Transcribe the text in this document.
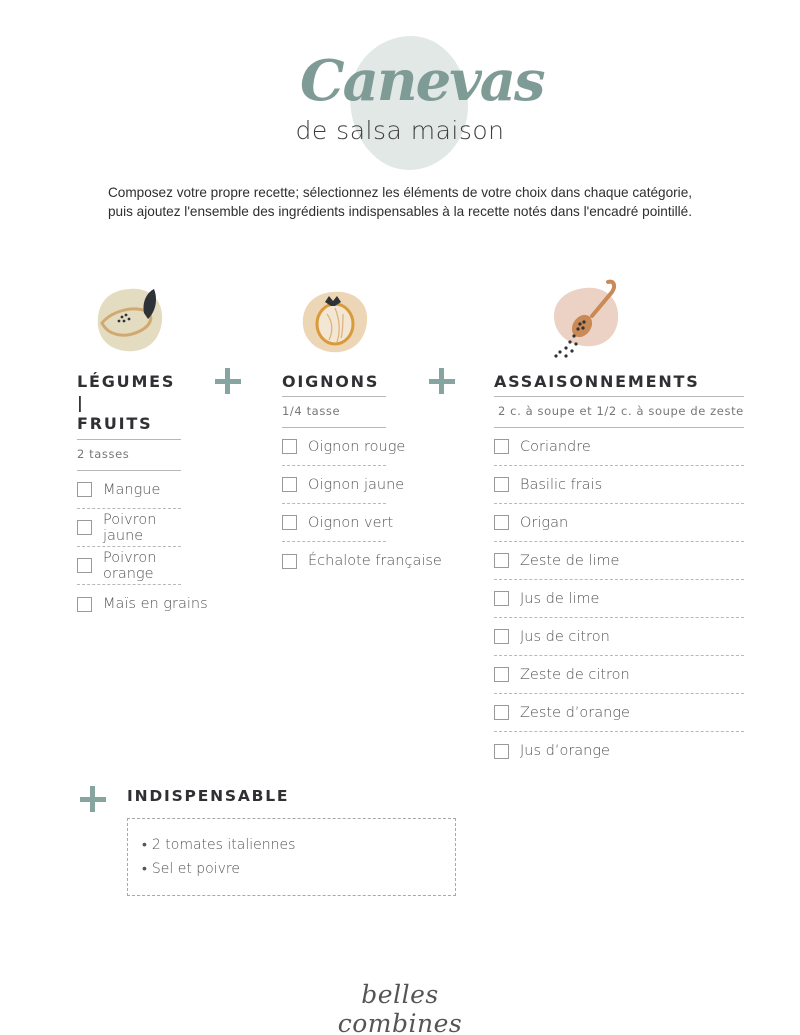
Canevas
de salsa maison
Composez votre propre recette; sélectionnez les éléments de votre choix dans chaque catégorie,
puis ajoutez l'ensemble des ingrédients indispensables à la recette notés dans l'encadré pointillé.
LÉGUMES |
FRUITS
2 tasses
Mangue
Poivron jaune
Poivron orange
Maïs en grains
OIGNONS
1/4 tasse
Oignon rouge
Oignon jaune
Oignon vert
Échalote française
ASSAISONNEMENTS
2 c. à soupe et 1/2 c. à soupe de zeste
Coriandre
Basilic frais
Origan
Zeste de lime
Jus de lime
Jus de citron
Zeste de citron
Zeste d’orange
Jus d’orange
INDISPENSABLE
• 2 tomates italiennes
• Sel et poivre
belles combines
